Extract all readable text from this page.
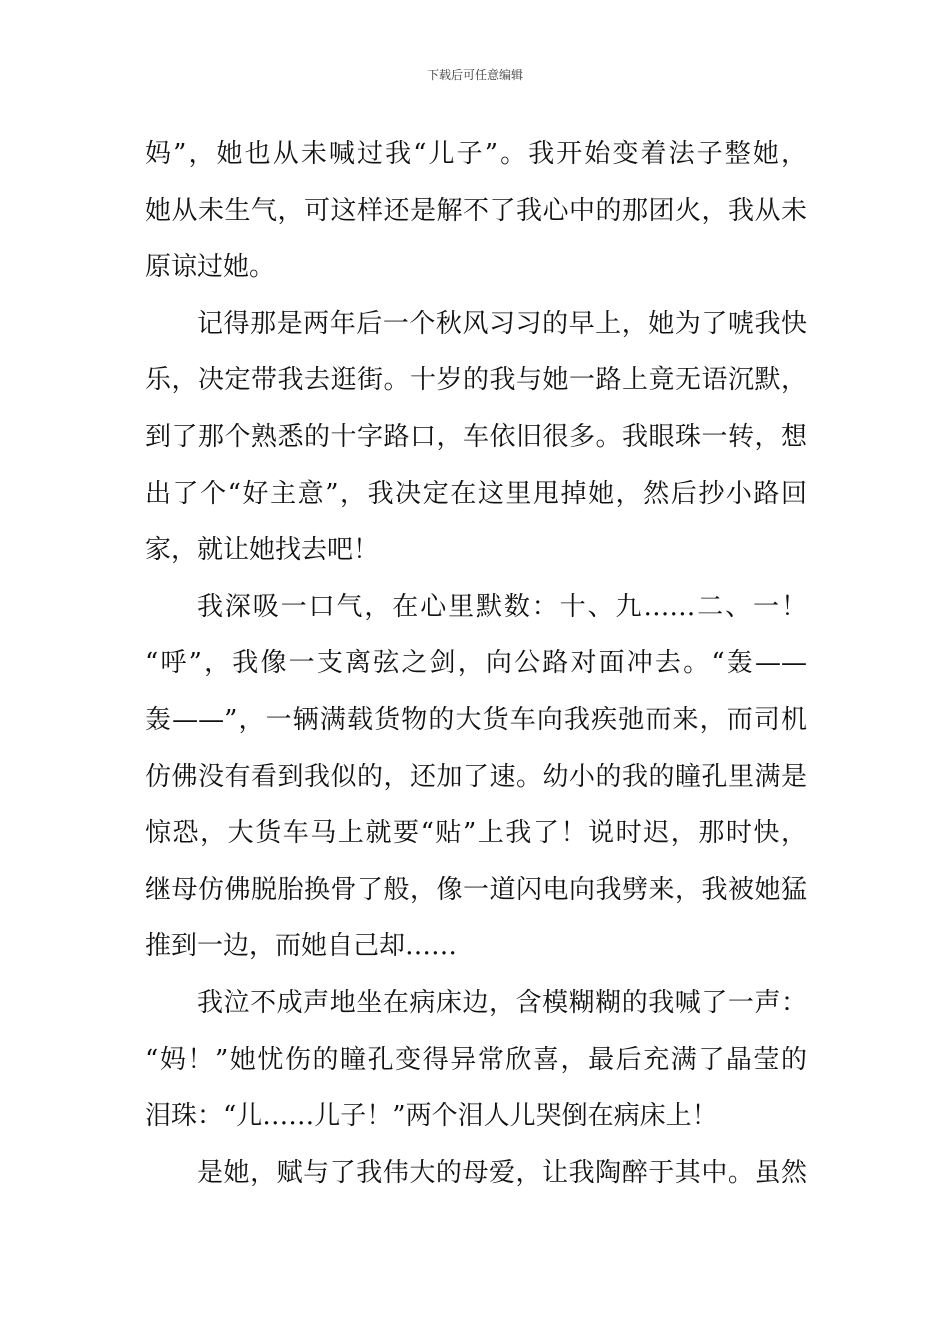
下载后可任意编辑
妈”，她也从未喊过我“儿子”。我开始变着法子整她，
她从未生气，可这样还是解不了我心中的那团火，我从未
原谅过她。
记得那是两年后一个秋风习习的早上，她为了唬我快
乐，决定带我去逛街。十岁的我与她一路上竟无语沉默，
到了那个熟悉的十字路口，车依旧很多。我眼珠一转，想
出了个“好主意”，我决定在这里甩掉她，然后抄小路回
家，就让她找去吧！
我深吸一口气，在心里默数：十、九……二、一！
“呼”，我像一支离弦之剑，向公路对面冲去。“轰——
轰——”，一辆满载货物的大货车向我疾弛而来，而司机
仿佛没有看到我似的，还加了速。幼小的我的瞳孔里满是
惊恐，大货车马上就要“贴”上我了！说时迟，那时快，
继母仿佛脱胎换骨了般，像一道闪电向我劈来，我被她猛
推到一边，而她自己却……
我泣不成声地坐在病床边，含模糊糊的我喊了一声：
“妈！”她忧伤的瞳孔变得异常欣喜，最后充满了晶莹的
泪珠：“儿……儿子！”两个泪人儿哭倒在病床上！
是她，赋与了我伟大的母爱，让我陶醉于其中。虽然
